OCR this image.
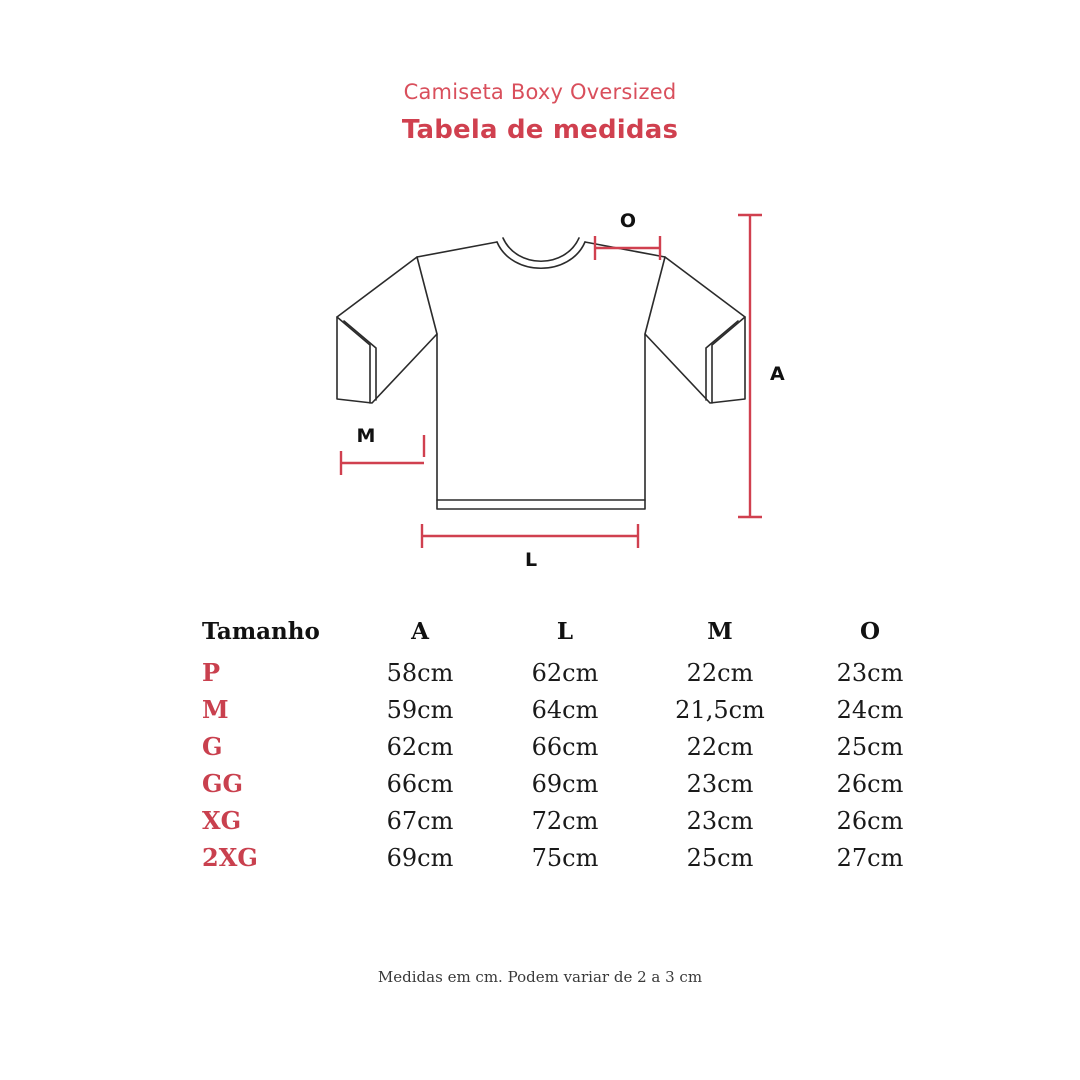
Camiseta Boxy Oversized
Tabela de medidas
M
O
A
L
Tamanho	A	L	M	O
P	58cm	62cm	22cm	23cm
M	59cm	64cm	21,5cm	24cm
G	62cm	66cm	22cm	25cm
GG	66cm	69cm	23cm	26cm
XG	67cm	72cm	23cm	26cm
2XG	69cm	75cm	25cm	27cm
Medidas em cm. Podem variar de 2 a 3 cm
